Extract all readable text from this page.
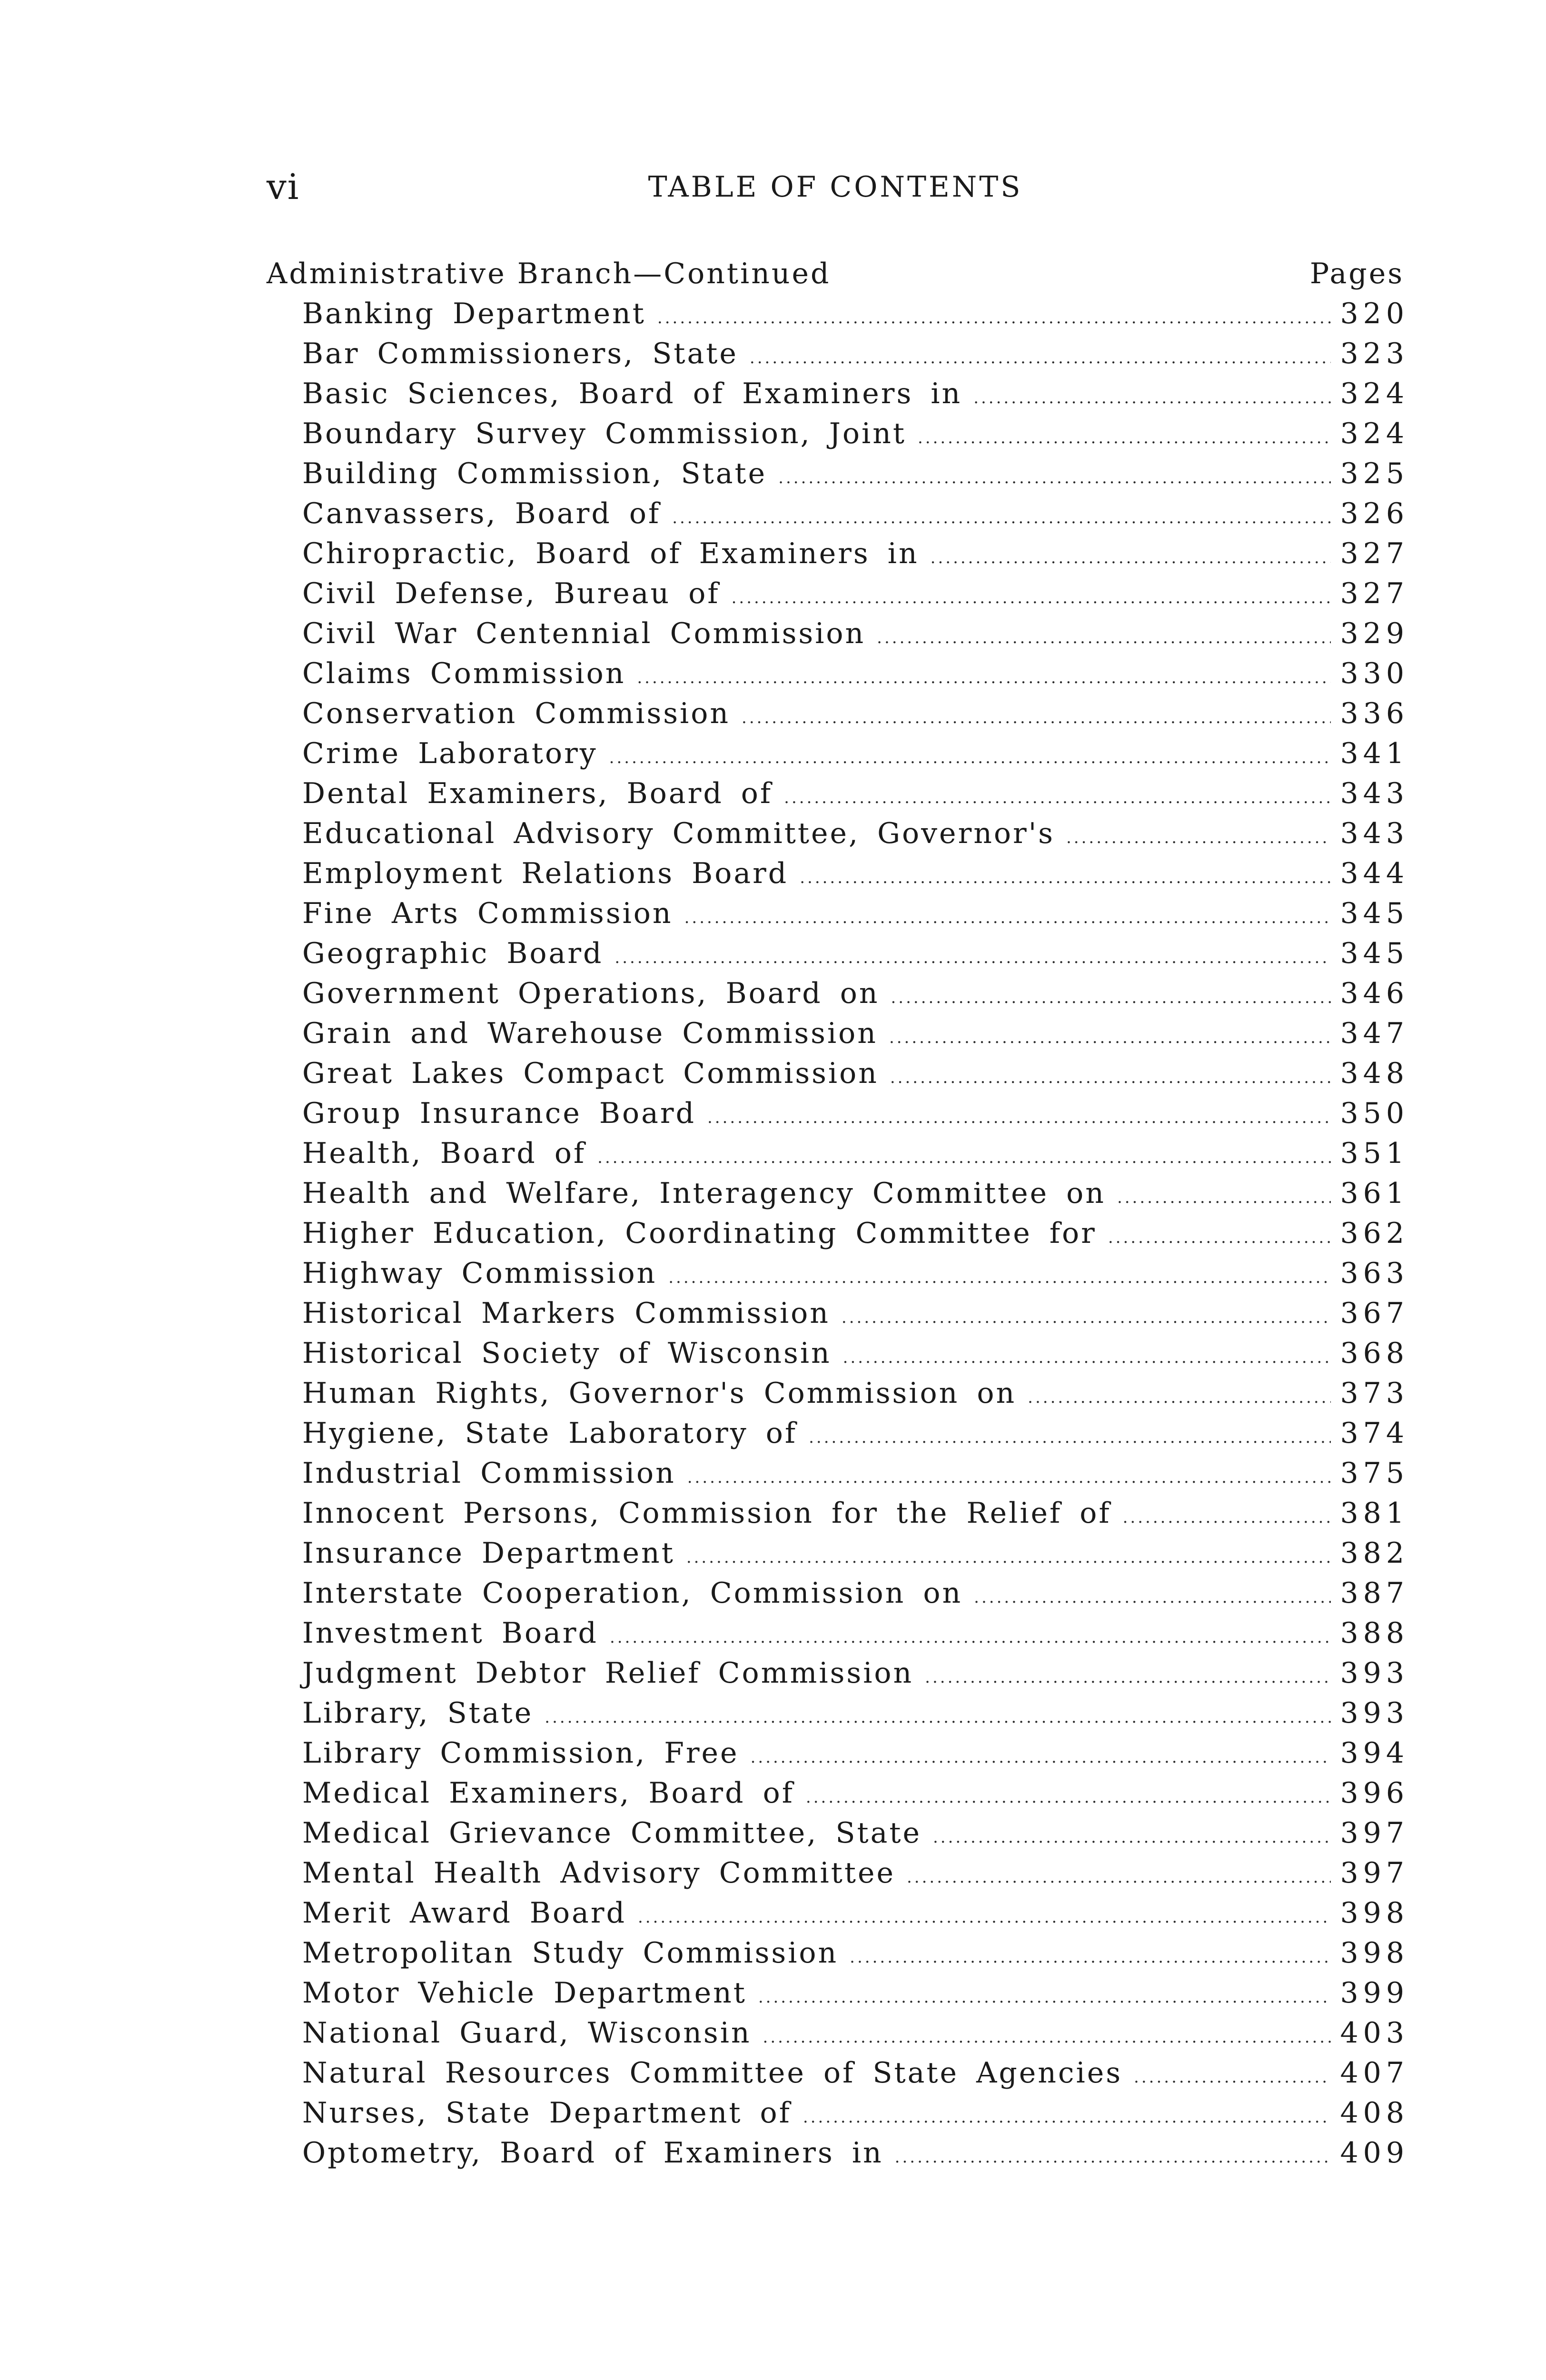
vi	TABLE OF CONTENTS
Administrative Branch—Continued	Pages
Banking Department .....	320
Bar Commissioners, State .....	323
Basic Sciences, Board of Examiners in .....	324
Boundary Survey Commission, Joint .....	324
Building Commission, State .....	325
Canvassers, Board of .....	326
Chiropractic, Board of Examiners in .....	327
Civil Defense, Bureau of .....	327
Civil War Centennial Commission .....	329
Claims Commission .....	330
Conservation Commission .....	336
Crime Laboratory .....	341
Dental Examiners, Board of .....	343
Educational Advisory Committee, Governor's .....	343
Employment Relations Board .....	344
Fine Arts Commission .....	345
Geographic Board .....	345
Government Operations, Board on .....	346
Grain and Warehouse Commission .....	347
Great Lakes Compact Commission .....	348
Group Insurance Board .....	350
Health, Board of .....	351
Health and Welfare, Interagency Committee on .....	361
Higher Education, Coordinating Committee for .....	362
Highway Commission .....	363
Historical Markers Commission .....	367
Historical Society of Wisconsin .....	368
Human Rights, Governor's Commission on .....	373
Hygiene, State Laboratory of .....	374
Industrial Commission .....	375
Innocent Persons, Commission for the Relief of .....	381
Insurance Department .....	382
Interstate Cooperation, Commission on .....	387
Investment Board .....	388
Judgment Debtor Relief Commission .....	393
Library, State .....	393
Library Commission, Free .....	394
Medical Examiners, Board of .....	396
Medical Grievance Committee, State .....	397
Mental Health Advisory Committee .....	397
Merit Award Board .....	398
Metropolitan Study Commission .....	398
Motor Vehicle Department .....	399
National Guard, Wisconsin .....	403
Natural Resources Committee of State Agencies .....	407
Nurses, State Department of .....	408
Optometry, Board of Examiners in .....	409
